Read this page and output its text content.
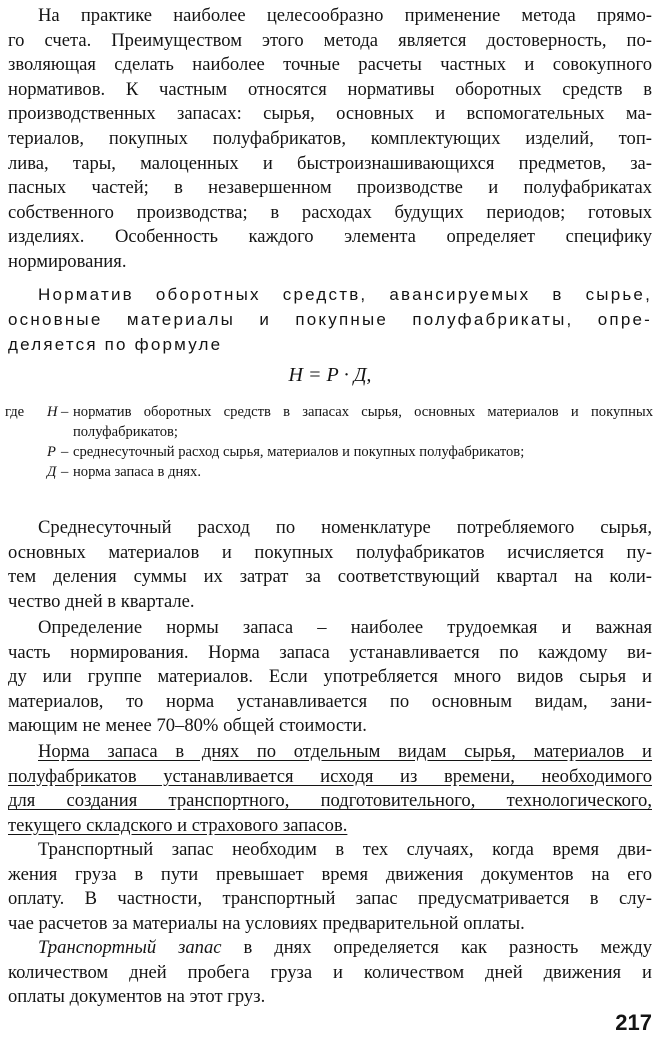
На практике наиболее целесообразно применение метода прямо-

го счета. Преимуществом этого метода является достоверность, по-

зволяющая сделать наиболее точные расчеты частных и совокупного

нормативов. К частным относятся нормативы оборотных средств в

производственных запасах: сырья, основных и вспомогательных ма-

териалов, покупных полуфабрикатов, комплектующих изделий, топ-

лива, тары, малоценных и быстроизнашивающихся предметов, за-

пасных частей; в незавершенном производстве и полуфабрикатах

собственного производства; в расходах будущих периодов; готовых

изделиях. Особенность каждого элемента определяет специфику

нормирования.

Норматив оборотных средств, авансируемых в сырье,

основные материалы и покупные полуфабрикаты, опре-

деляется по формуле

Н = Р · Д,
где	Н – норматив оборотных средств в запасах сырья, основных материалов и покупных полуфабрикатов;
Р – среднесуточный расход сырья, материалов и покупных полуфабрикатов;
Д – норма запаса в днях.

Среднесуточный расход по номенклатуре потребляемого сырья,

основных материалов и покупных полуфабрикатов исчисляется пу-

тем деления суммы их затрат за соответствующий квартал на коли-

чество дней в квартале.

Определение нормы запаса – наиболее трудоемкая и важная

часть нормирования. Норма запаса устанавливается по каждому ви-

ду или группе материалов. Если употребляется много видов сырья и

материалов, то норма устанавливается по основным видам, зани-

мающим не менее 70–80% общей стоимости.

Норма запаса в днях по отдельным видам сырья, материалов и

полуфабрикатов устанавливается исходя из времени, необходимого

для создания транспортного, подготовительного, технологического,

текущего складского и страхового запасов.

Транспортный запас необходим в тех случаях, когда время дви-

жения груза в пути превышает время движения документов на его

оплату. В частности, транспортный запас предусматривается в слу-

чае расчетов за материалы на условиях предварительной оплаты.

Транспортный запас в днях определяется как разность между

количеством дней пробега груза и количеством дней движения и

оплаты документов на этот груз.

217
